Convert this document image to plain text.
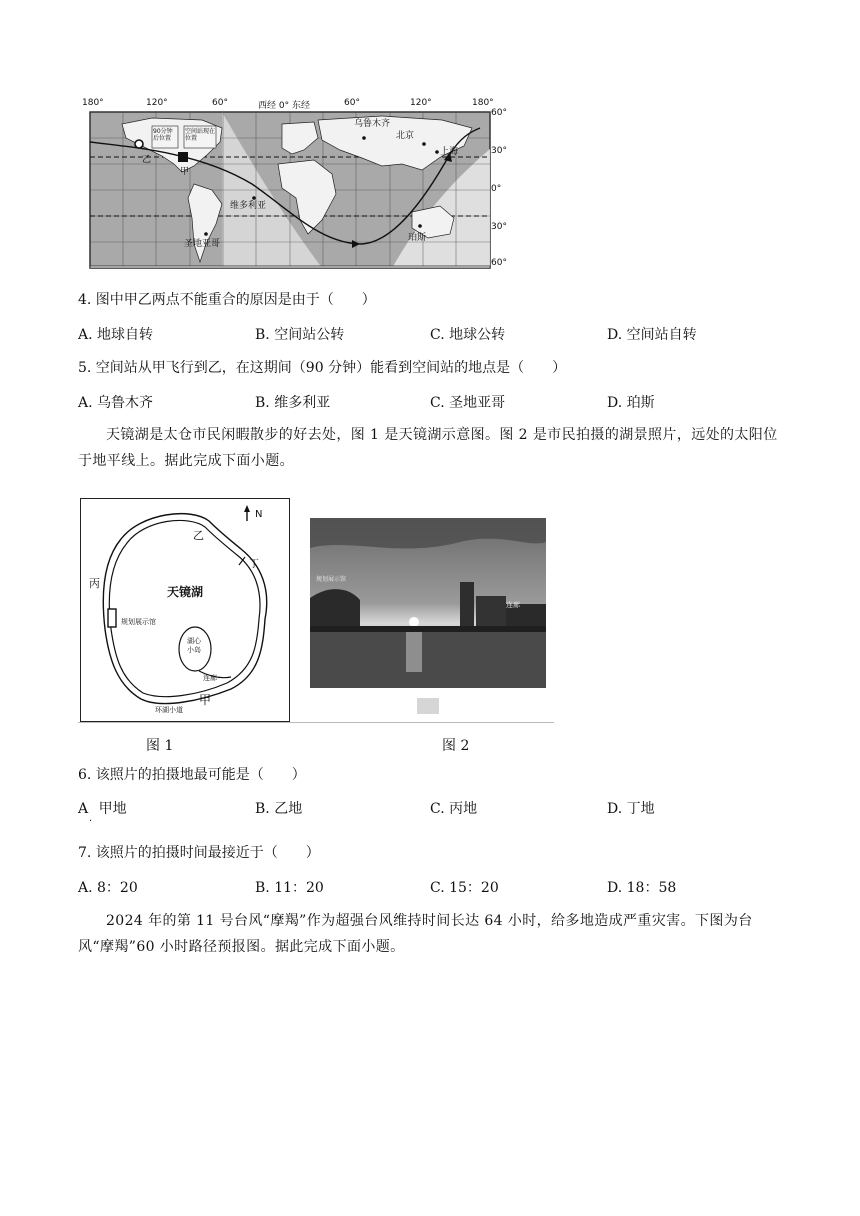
180°	120°	60°	西经 0° 东经	60°	120°	180°
60°
30°
0°
30°
60°
乌鲁木齐
北京
上海
维多利亚
圣地亚哥
珀斯
90分钟后位置
空间站现在位置
乙
甲
4. 图中甲乙两点不能重合的原因是由于（　　）
A. 地球自转	B. 空间站公转	C. 地球公转	D. 空间站自转
5. 空间站从甲飞行到乙，在这期间（90 分钟）能看到空间站的地点是（　　）
A. 乌鲁木齐	B. 维多利亚	C. 圣地亚哥	D. 珀斯
天镜湖是太仓市民闲暇散步的好去处，图 1 是天镜湖示意图。图 2 是市民拍摄的湖景照片，远处的太阳位于地平线上。据此完成下面小题。
N
天镜湖
丙
乙
丁
甲
规划展示馆
湖心小岛
连廊
环湖小道
规划展示馆
连廊
图 1	图 2
6. 该照片的拍摄地最可能是（　　）
A 甲地
·
B. 乙地	C. 丙地	D. 丁地
7. 该照片的拍摄时间最接近于（　　）
A. 8：20	B. 11：20	C. 15：20	D. 18：58
2024 年的第 11 号台风“摩羯”作为超强台风维持时间长达 64 小时，给多地造成严重灾害。下图为台风“摩羯”60 小时路径预报图。据此完成下面小题。
